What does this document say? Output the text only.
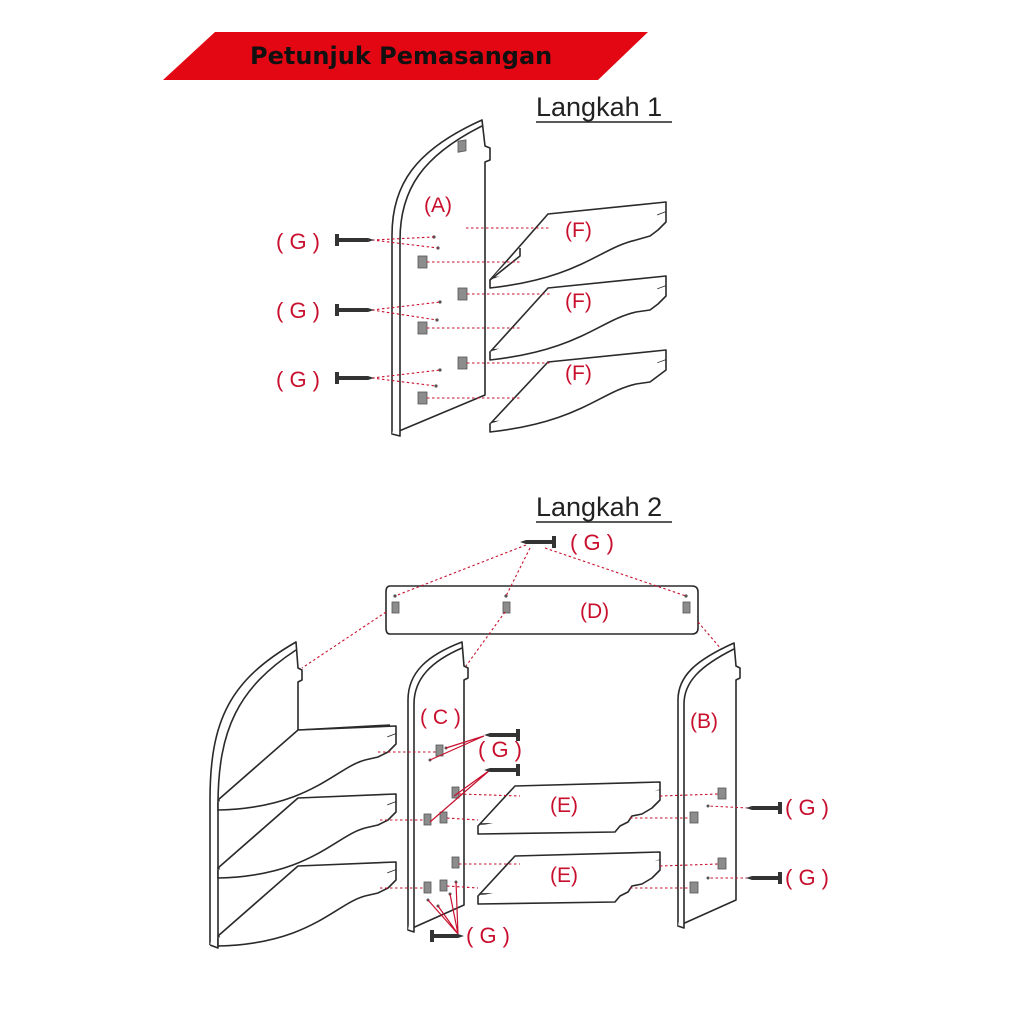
Petunjuk Pemasangan
Langkah 1
(A)
(F)
(F)
(F)
( G )
( G )
( G )
Langkah 2
( G )
(D)
( C )
(E)
(E)
(B)
( G )
( G )
( G )
( G )
